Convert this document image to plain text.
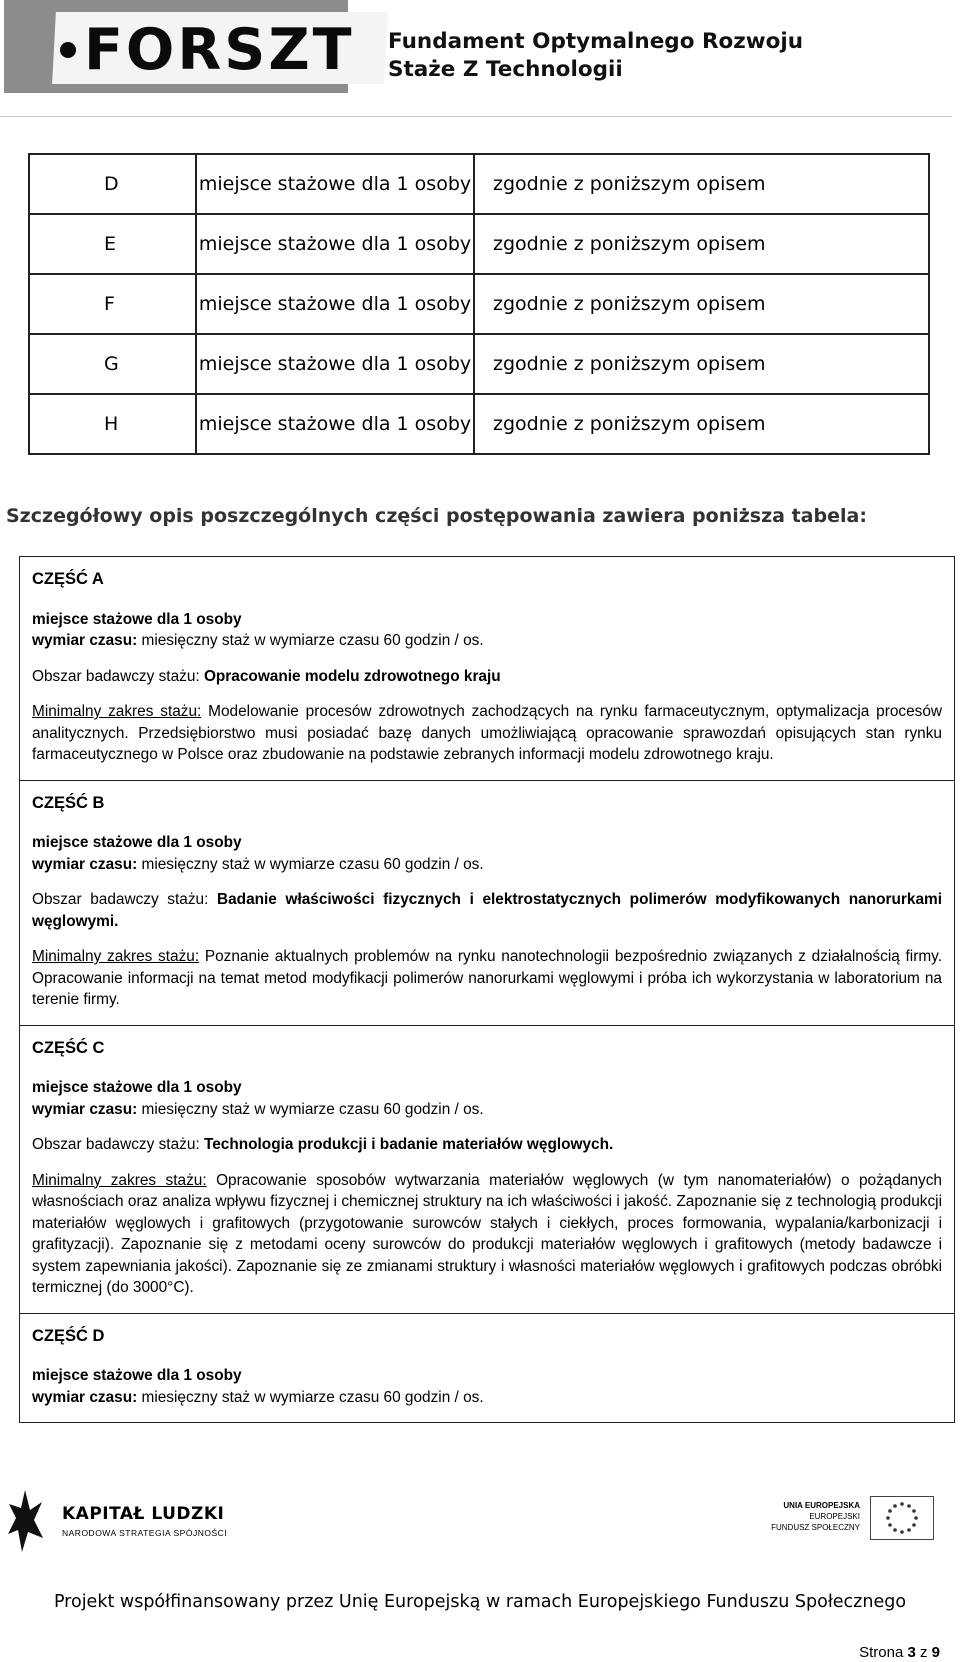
FORSZT Fundament Optymalnego Rozwoju
Staże Z Technologii
D	miejsce stażowe dla 1 osoby	zgodnie z poniższym opisem
E	miejsce stażowe dla 1 osoby	zgodnie z poniższym opisem
F	miejsce stażowe dla 1 osoby	zgodnie z poniższym opisem
G	miejsce stażowe dla 1 osoby	zgodnie z poniższym opisem
H	miejsce stażowe dla 1 osoby	zgodnie z poniższym opisem
Szczegółowy opis poszczególnych części postępowania zawiera poniższa tabela:
CZĘŚĆ A
miejsce stażowe dla 1 osoby
wymiar czasu: miesięczny staż w wymiarze czasu 60 godzin / os.
Obszar badawczy stażu: Opracowanie modelu zdrowotnego kraju
Minimalny zakres stażu: Modelowanie procesów zdrowotnych zachodzących na rynku farmaceutycznym, optymalizacja procesów analitycznych. Przedsiębiorstwo musi posiadać bazę danych umożliwiającą opracowanie sprawozdań opisujących stan rynku farmaceutycznego w Polsce oraz zbudowanie na podstawie zebranych informacji modelu zdrowotnego kraju.
CZĘŚĆ B
miejsce stażowe dla 1 osoby
wymiar czasu: miesięczny staż w wymiarze czasu 60 godzin / os.
Obszar badawczy stażu: Badanie właściwości fizycznych i elektrostatycznych polimerów modyfikowanych nanorurkami węglowymi.
Minimalny zakres stażu: Poznanie aktualnych problemów na rynku nanotechnologii bezpośrednio związanych z działalnością firmy. Opracowanie informacji na temat metod modyfikacji polimerów nanorurkami węglowymi i próba ich wykorzystania w laboratorium na terenie firmy.
CZĘŚĆ C
miejsce stażowe dla 1 osoby
wymiar czasu: miesięczny staż w wymiarze czasu 60 godzin / os.
Obszar badawczy stażu: Technologia produkcji i badanie materiałów węglowych.
Minimalny zakres stażu: Opracowanie sposobów wytwarzania materiałów węglowych (w tym nanomateriałów) o pożądanych własnościach oraz analiza wpływu fizycznej i chemicznej struktury na ich właściwości i jakość. Zapoznanie się z technologią produkcji materiałów węglowych i grafitowych (przygotowanie surowców stałych i ciekłych, proces formowania, wypalania/karbonizacji i grafityzacji). Zapoznanie się z metodami oceny surowców do produkcji materiałów węglowych i grafitowych (metody badawcze i system zapewniania jakości). Zapoznanie się ze zmianami struktury i własności materiałów węglowych i grafitowych podczas obróbki termicznej (do 3000°C).
CZĘŚĆ D
miejsce stażowe dla 1 osoby
wymiar czasu: miesięczny staż w wymiarze czasu 60 godzin / os.
KAPITAŁ LUDZKI
NARODOWA STRATEGIA SPÓJNOŚCI
UNIA EUROPEJSKA
EUROPEJSKI
FUNDUSZ SPOŁECZNY
Projekt współfinansowany przez Unię Europejską w ramach Europejskiego Funduszu Społecznego
Strona 3 z 9
